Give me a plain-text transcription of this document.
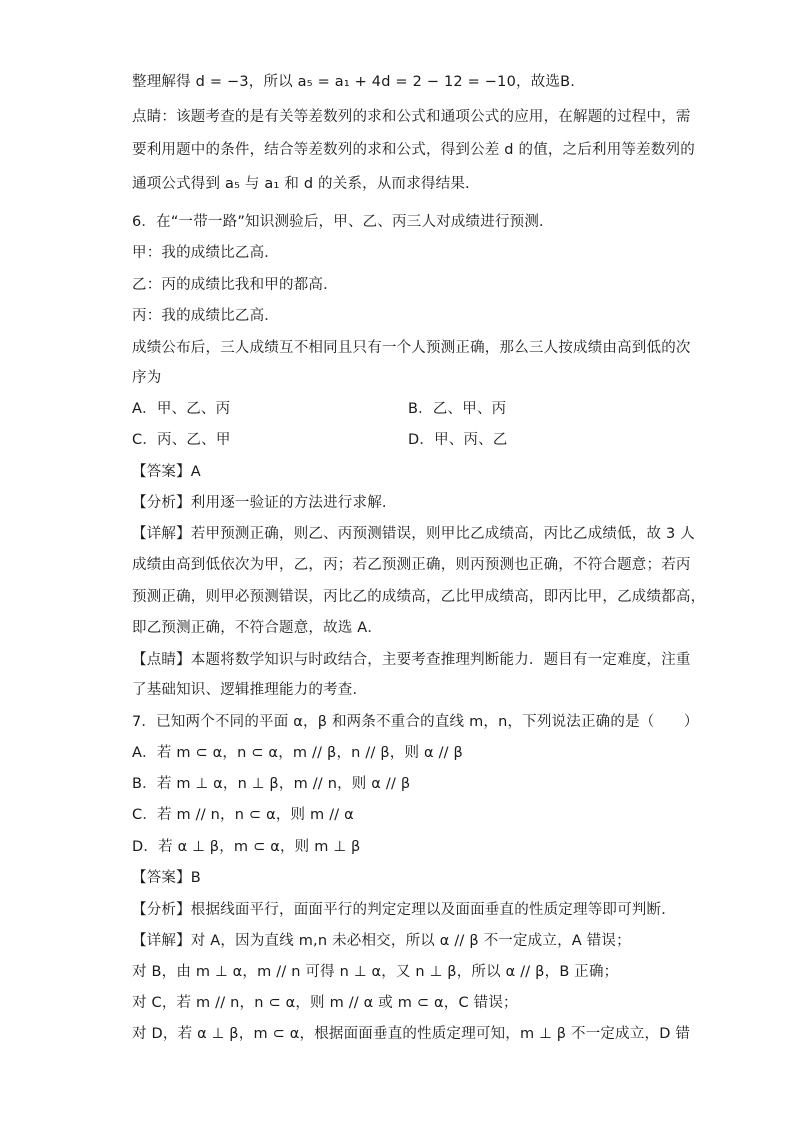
整理解得 d = −3，所以 a₅ = a₁ + 4d = 2 − 12 = −10，故选B.
点睛：该题考查的是有关等差数列的求和公式和通项公式的应用，在解题的过程中，需
要利用题中的条件，结合等差数列的求和公式，得到公差 d 的值，之后利用等差数列的
通项公式得到 a₅ 与 a₁ 和 d 的关系，从而求得结果.
6．在“一带一路”知识测验后，甲、乙、丙三人对成绩进行预测．
甲：我的成绩比乙高．
乙：丙的成绩比我和甲的都高．
丙：我的成绩比乙高．
成绩公布后，三人成绩互不相同且只有一个人预测正确，那么三人按成绩由高到低的次
序为
A．甲、乙、丙	B．乙、甲、丙
C．丙、乙、甲	D．甲、丙、乙
【答案】A
【分析】利用逐一验证的方法进行求解.
【详解】若甲预测正确，则乙、丙预测错误，则甲比乙成绩高，丙比乙成绩低，故 3 人
成绩由高到低依次为甲，乙，丙；若乙预测正确，则丙预测也正确，不符合题意；若丙
预测正确，则甲必预测错误，丙比乙的成绩高，乙比甲成绩高，即丙比甲，乙成绩都高，
即乙预测正确，不符合题意，故选 A．
【点睛】本题将数学知识与时政结合，主要考查推理判断能力．题目有一定难度，注重
了基础知识、逻辑推理能力的考查．
7．已知两个不同的平面 α，β 和两条不重合的直线 m，n，下列说法正确的是（　　）
A．若 m ⊂ α，n ⊂ α，m // β，n // β，则 α // β
B．若 m ⊥ α，n ⊥ β，m // n，则 α // β
C．若 m // n，n ⊂ α，则 m // α
D．若 α ⊥ β，m ⊂ α，则 m ⊥ β
【答案】B
【分析】根据线面平行，面面平行的判定定理以及面面垂直的性质定理等即可判断．
【详解】对 A，因为直线 m,n 未必相交，所以 α // β 不一定成立，A 错误；
对 B，由 m ⊥ α，m // n 可得 n ⊥ α，又 n ⊥ β，所以 α // β，B 正确；
对 C，若 m // n，n ⊂ α，则 m // α 或 m ⊂ α，C 错误；
对 D，若 α ⊥ β，m ⊂ α，根据面面垂直的性质定理可知，m ⊥ β 不一定成立，D 错
